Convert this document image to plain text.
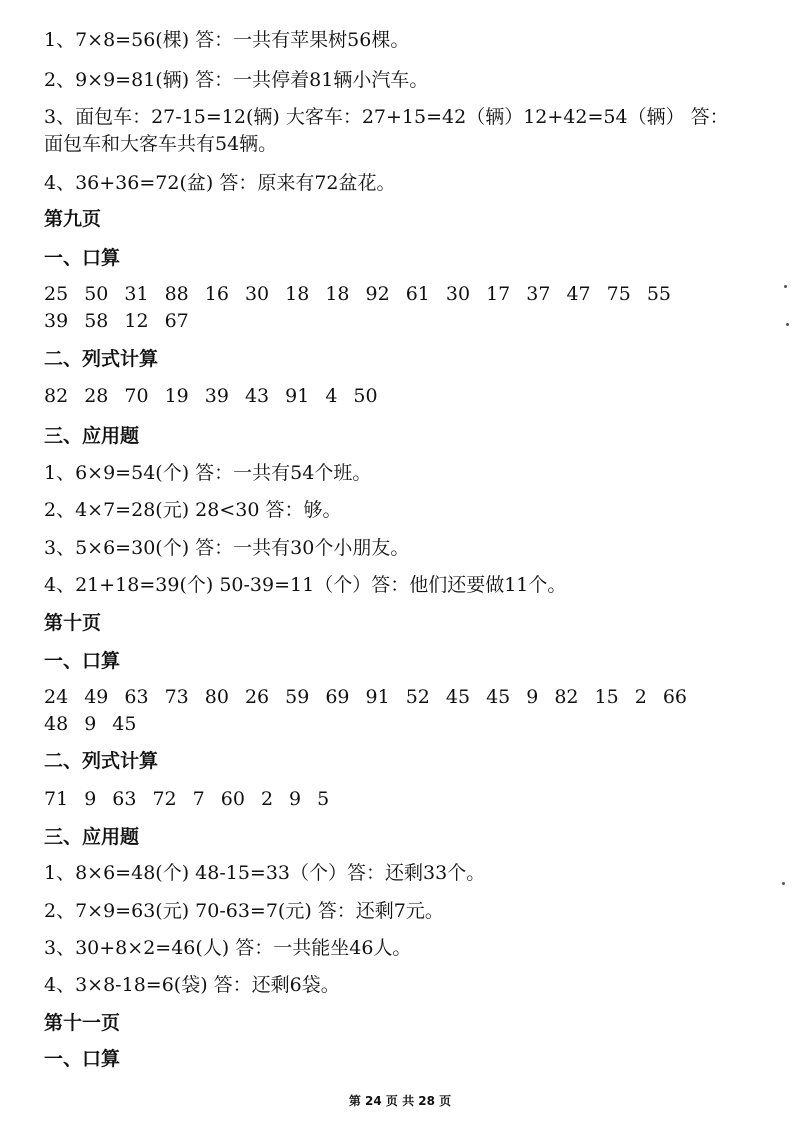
1、7×8=56(棵) 答：一共有苹果树56棵。
2、9×9=81(辆) 答：一共停着81辆小汽车。
3、面包车：27-15=12(辆) 大客车：27+15=42（辆）12+42=54（辆） 答：
面包车和大客车共有54辆。
4、36+36=72(盆) 答：原来有72盆花。
第九页
一、口算
25 50 31 88 16 30 18 18 92 61 30 17 37 47 75 55
39 58 12 67
二、列式计算
82 28 70 19 39 43 91 4 50
三、应用题
1、6×9=54(个) 答：一共有54个班。
2、4×7=28(元) 28<30 答：够。
3、5×6=30(个) 答：一共有30个小朋友。
4、21+18=39(个) 50-39=11（个）答：他们还要做11个。
第十页
一、口算
24 49 63 73 80 26 59 69 91 52 45 45 9 82 15 2 66
48 9 45
二、列式计算
71 9 63 72 7 60 2 9 5
三、应用题
1、8×6=48(个) 48-15=33（个）答：还剩33个。
2、7×9=63(元) 70-63=7(元) 答：还剩7元。
3、30+8×2=46(人) 答：一共能坐46人。
4、3×8-18=6(袋) 答：还剩6袋。
第十一页
一、口算
第 24 页 共 28 页
